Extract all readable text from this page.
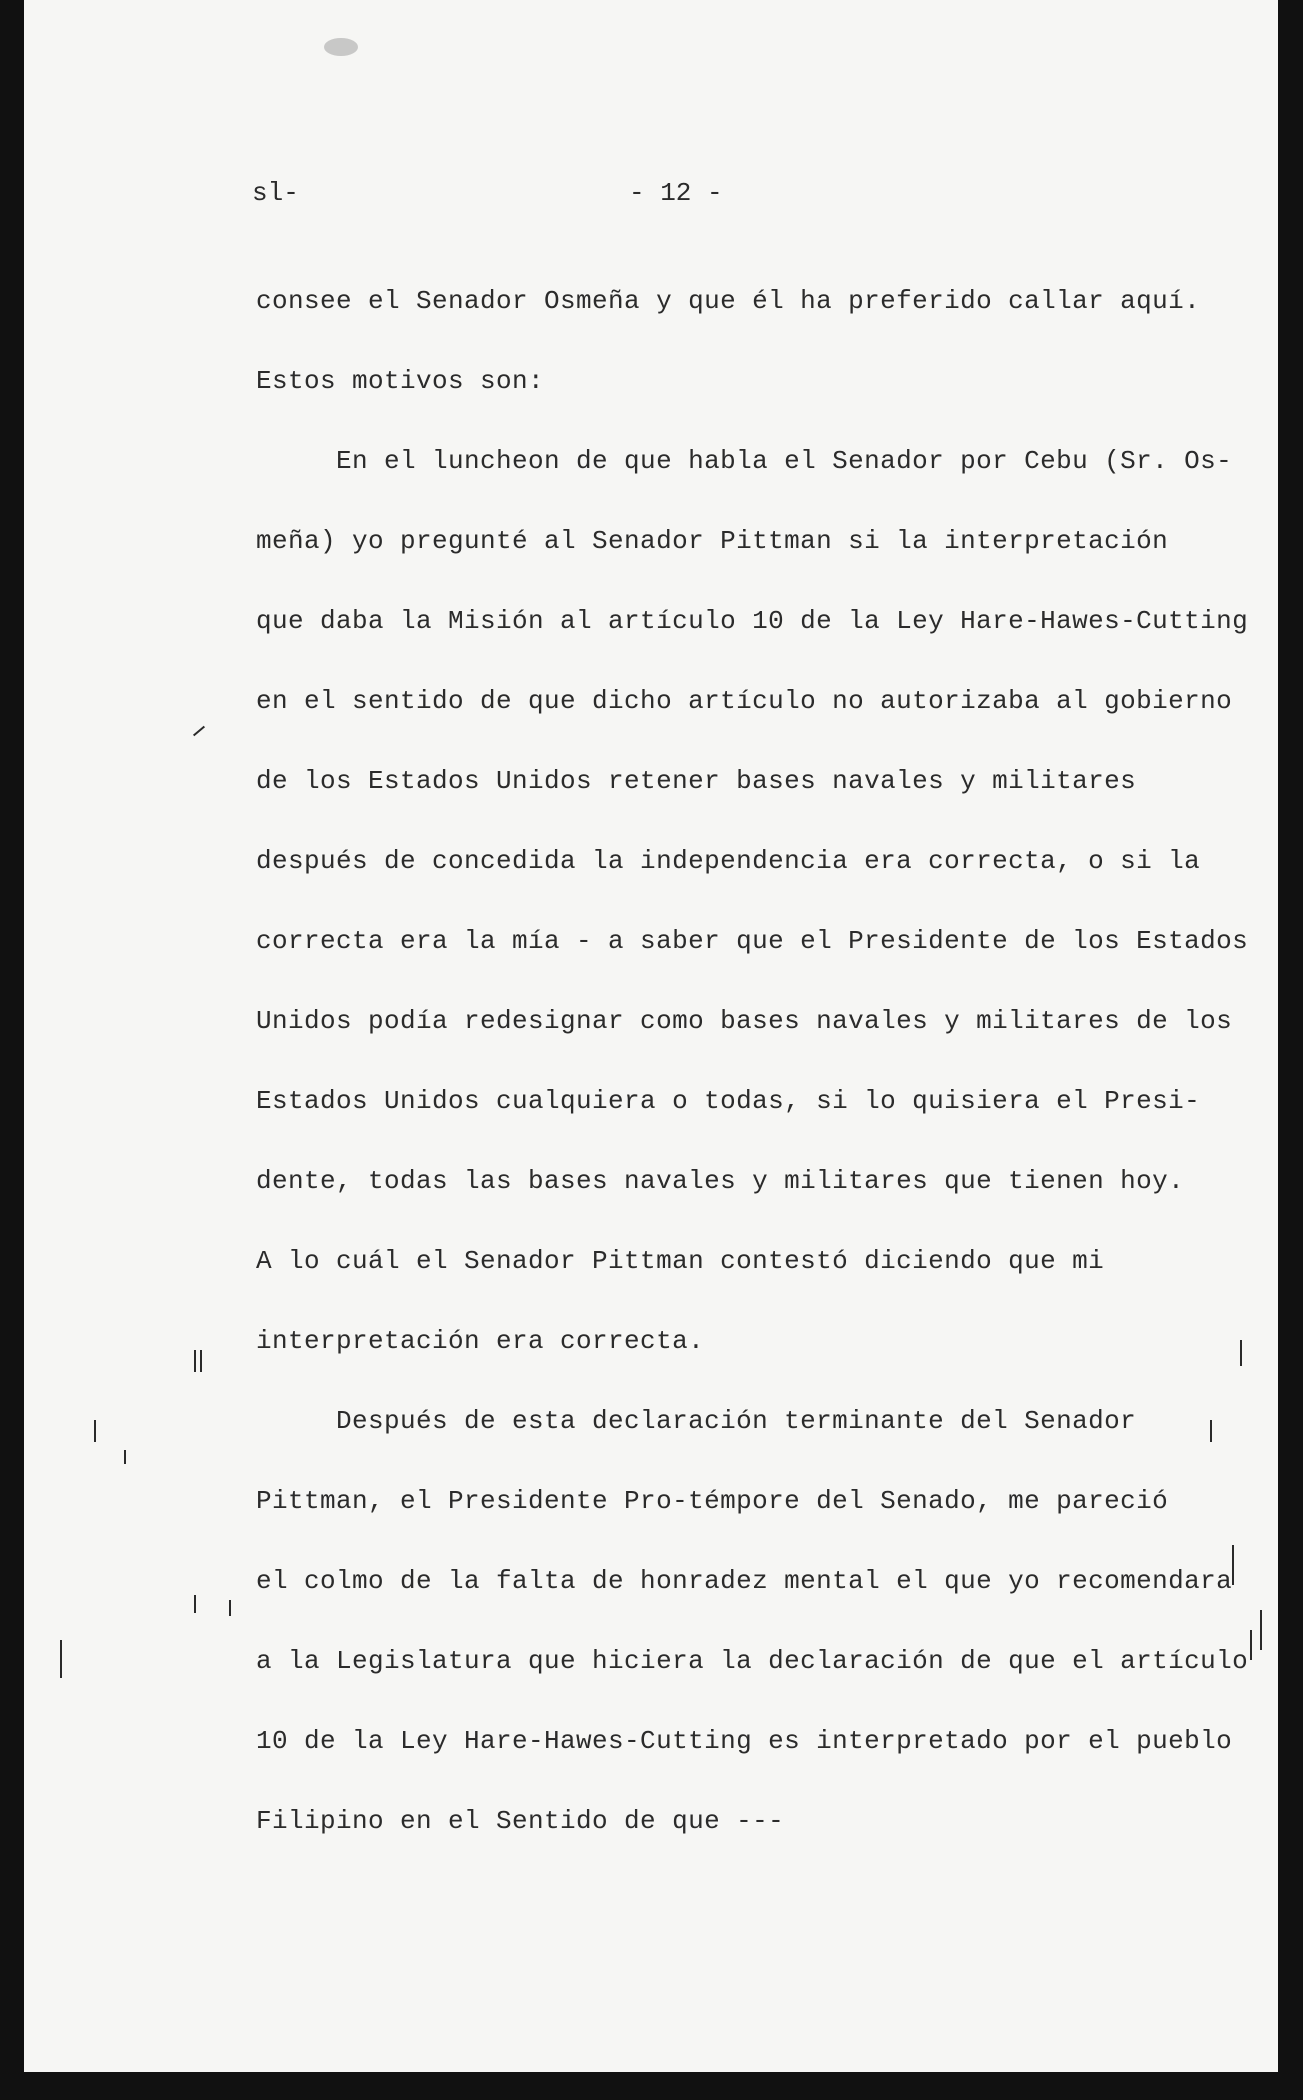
sl-	- 12 -
consee el Senador Osmeña y que él ha preferido callar aquí.
Estos motivos son:
En el luncheon de que habla el Senador por Cebu (Sr. Os-
meña) yo pregunté al Senador Pittman si la interpretación
que daba la Misión al artículo 10 de la Ley Hare-Hawes-Cutting
en el sentido de que dicho artículo no autorizaba al gobierno
de los Estados Unidos retener bases navales y militares
después de concedida la independencia era correcta, o si la
correcta era la mía - a saber que el Presidente de los Estados
Unidos podía redesignar como bases navales y militares de los
Estados Unidos cualquiera o todas, si lo quisiera el Presi-
dente, todas las bases navales y militares que tienen hoy.
A lo cuál el Senador Pittman contestó diciendo que mi
interpretación era correcta.
Después de esta declaración terminante del Senador
Pittman, el Presidente Pro-témpore del Senado, me pareció
el colmo de la falta de honradez mental el que yo recomendara
a la Legislatura que hiciera la declaración de que el artículo
10 de la Ley Hare-Hawes-Cutting es interpretado por el pueblo
Filipino en el Sentido de que ---
